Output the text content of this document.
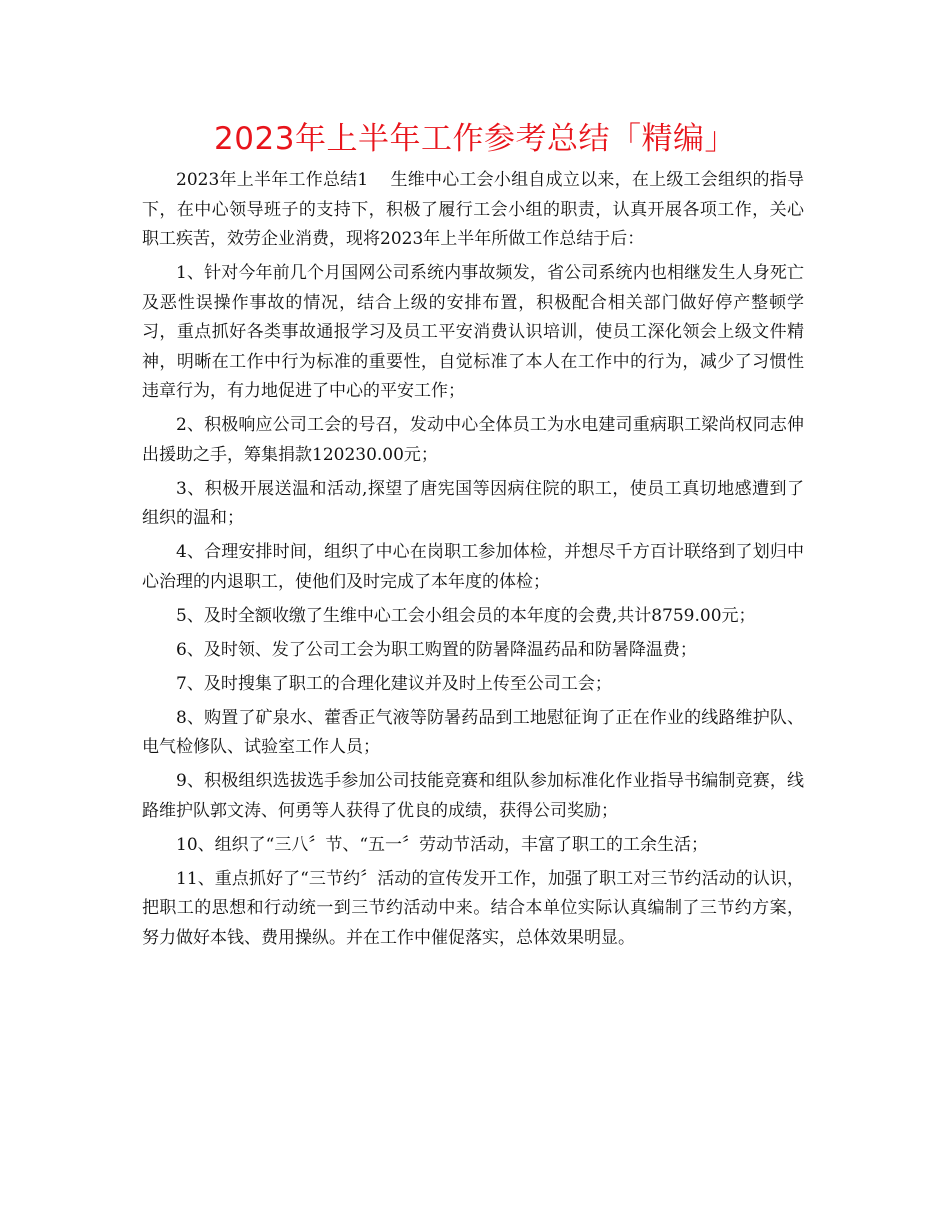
2023年上半年工作参考总结「精编」

2023年上半年工作总结1 生维中心工会小组自成立以来，在上级工会组织的指导下，在中心领导班子的支持下，积极了履行工会小组的职责，认真开展各项工作，关心职工疾苦，效劳企业消费，现将2023年上半年所做工作总结于后：

1、针对今年前几个月国网公司系统内事故频发，省公司系统内也相继发生人身死亡及恶性误操作事故的情况，结合上级的安排布置，积极配合相关部门做好停产整顿学习，重点抓好各类事故通报学习及员工平安消费认识培训，使员工深化领会上级文件精神，明晰在工作中行为标准的重要性，自觉标准了本人在工作中的行为，减少了习惯性违章行为，有力地促进了中心的平安工作；

2、积极响应公司工会的号召，发动中心全体员工为水电建司重病职工梁尚权同志伸出援助之手，筹集捐款120230.00元；

3、积极开展送温和活动,探望了唐宪国等因病住院的职工，使员工真切地感遭到了组织的温和；

4、合理安排时间，组织了中心在岗职工参加体检，并想尽千方百计联络到了划归中心治理的内退职工，使他们及时完成了本年度的体检；

5、及时全额收缴了生维中心工会小组会员的本年度的会费,共计8759.00元；

6、及时领、发了公司工会为职工购置的防暑降温药品和防暑降温费；

7、及时搜集了职工的合理化建议并及时上传至公司工会；

8、购置了矿泉水、藿香正气液等防暑药品到工地慰征询了正在作业的线路维护队、电气检修队、试验室工作人员；

9、积极组织选拔选手参加公司技能竞赛和组队参加标准化作业指导书编制竞赛，线路维护队郭文涛、何勇等人获得了优良的成绩，获得公司奖励；

10、组织了“三八〞节、“五一〞劳动节活动，丰富了职工的工余生活；

11、重点抓好了“三节约〞活动的宣传发开工作，加强了职工对三节约活动的认识，把职工的思想和行动统一到三节约活动中来。结合本单位实际认真编制了三节约方案，努力做好本钱、费用操纵。并在工作中催促落实，总体效果明显。
